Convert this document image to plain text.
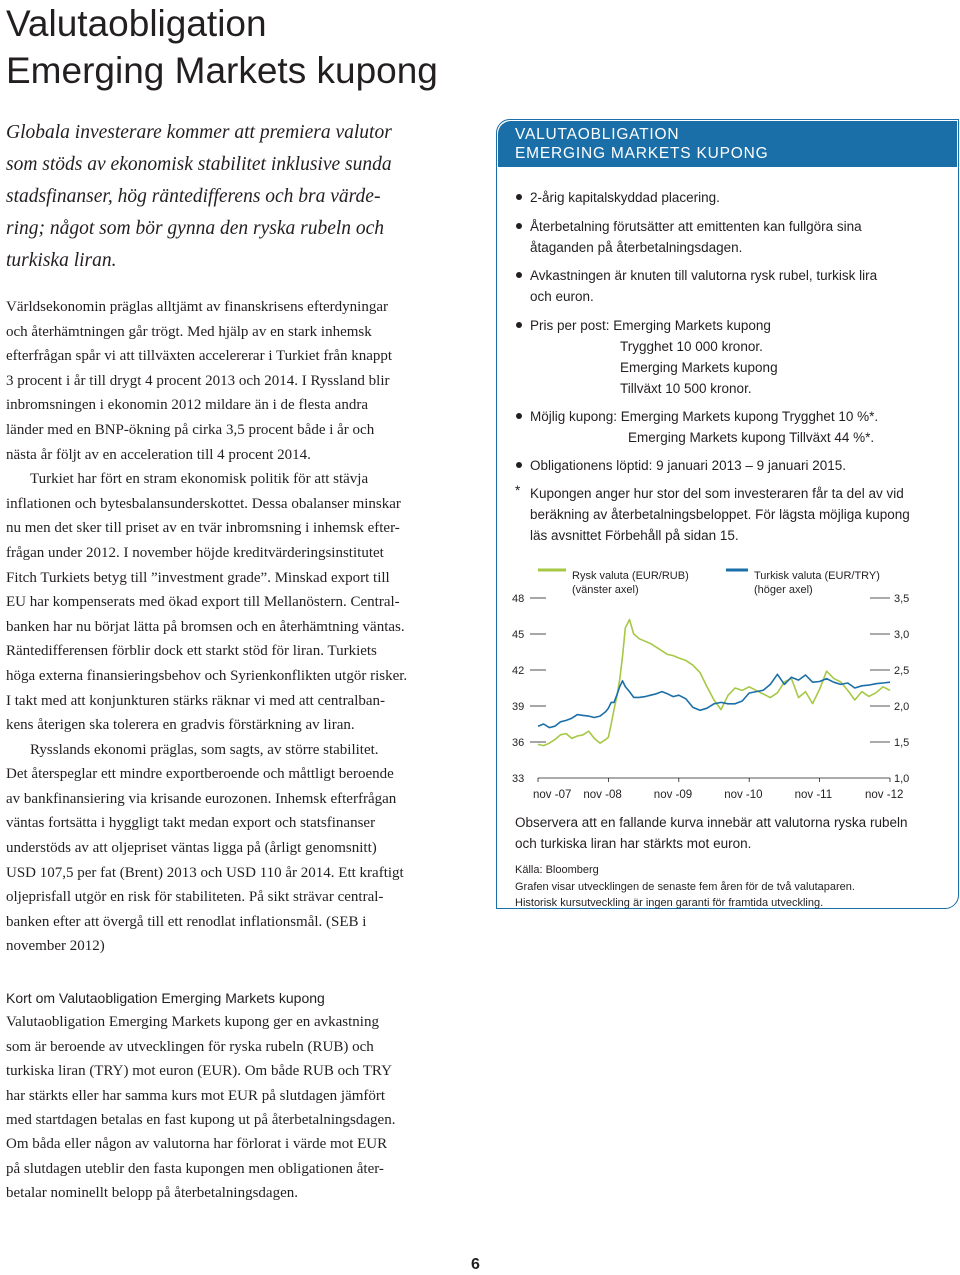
Valutaobligation
Emerging Markets kupong
Globala investerare kommer att premiera valutor
som stöds av ekonomisk stabilitet inklusive sunda
stadsfinanser, hög räntedifferens och bra värde-
ring; något som bör gynna den ryska rubeln och
turkiska liran.
Världsekonomin präglas alltjämt av finanskrisens efterdyningar
och återhämtningen går trögt. Med hjälp av en stark inhemsk
efterfrågan spår vi att tillväxten accelererar i Turkiet från knappt
3 procent i år till drygt 4 procent 2013 och 2014. I Ryssland blir
inbromsningen i ekonomin 2012 mildare än i de flesta andra
länder med en BNP-ökning på cirka 3,5 procent både i år och
nästa år följt av en acceleration till 4 procent 2014.
Turkiet har fört en stram ekonomisk politik för att stävja
inflationen och bytesbalansunderskottet. Dessa obalanser minskar
nu men det sker till priset av en tvär inbromsning i inhemsk efter-
frågan under 2012. I november höjde kreditvärderingsinstitutet
Fitch Turkiets betyg till ”investment grade”. Minskad export till
EU har kompenserats med ökad export till Mellanöstern. Central-
banken har nu börjat lätta på bromsen och en återhämtning väntas.
Räntedifferensen förblir dock ett starkt stöd för liran. Turkiets
höga externa finansieringsbehov och Syrienkonflikten utgör risker.
I takt med att konjunkturen stärks räknar vi med att centralban-
kens återigen ska tolerera en gradvis förstärkning av liran.
Rysslands ekonomi präglas, som sagts, av större stabilitet.
Det återspeglar ett mindre exportberoende och måttligt beroende
av bankfinansiering via krisande eurozonen. Inhemsk efterfrågan
väntas fortsätta i hyggligt takt medan export och statsfinanser
understöds av att oljepriset väntas ligga på (årligt genomsnitt)
USD 107,5 per fat (Brent) 2013 och USD 110 år 2014. Ett kraftigt
oljeprisfall utgör en risk för stabiliteten. På sikt strävar central-
banken efter att övergå till ett renodlat inflationsmål. (SEB i
november 2012)
Kort om Valutaobligation Emerging Markets kupong
Valutaobligation Emerging Markets kupong ger en avkastning
som är beroende av utvecklingen för ryska rubeln (RUB) och
turkiska liran (TRY) mot euron (EUR). Om både RUB och TRY
har stärkts eller har samma kurs mot EUR på slutdagen jämfört
med startdagen betalas en fast kupong ut på återbetalningsdagen.
Om båda eller någon av valutorna har förlorat i värde mot EUR
på slutdagen uteblir den fasta kupongen men obligationen åter-
betalar nominellt belopp på återbetalningsdagen.
VALUTAOBLIGATION
EMERGING MARKETS KUPONG
2-årig kapitalskyddad placering.
Återbetalning förutsätter att emittenten kan fullgöra sina
åtaganden på återbetalningsdagen.
Avkastningen är knuten till valutorna rysk rubel, turkisk lira
och euron.
Pris per post: Emerging Markets kupong
Trygghet 10 000 kronor.
Emerging Markets kupong
Tillväxt 10 500 kronor.
Möjlig kupong: Emerging Markets kupong Trygghet 10 %*.
Emerging Markets kupong Tillväxt 44 %*.
Obligationens löptid: 9 januari 2013 – 9 januari 2015.
* Kupongen anger hur stor del som investeraren får ta del av vid
beräkning av återbetalningsbeloppet. För lägsta möjliga kupong
läs avsnittet Förbehåll på sidan 15.
Rysk valuta (EUR/RUB)
(vänster axel)
Turkisk valuta (EUR/TRY)
(höger axel)
48
45
42
39
36
33
3,5
3,0
2,5
2,0
1,5
1,0
nov -07 nov -08	nov -09	nov -10	nov -11	nov -12
Observera att en fallande kurva innebär att valutorna ryska rubeln
och turkiska liran har stärkts mot euron.
Källa: Bloomberg
Grafen visar utvecklingen de senaste fem åren för de två valutaparen.
Historisk kursutveckling är ingen garanti för framtida utveckling.
6
